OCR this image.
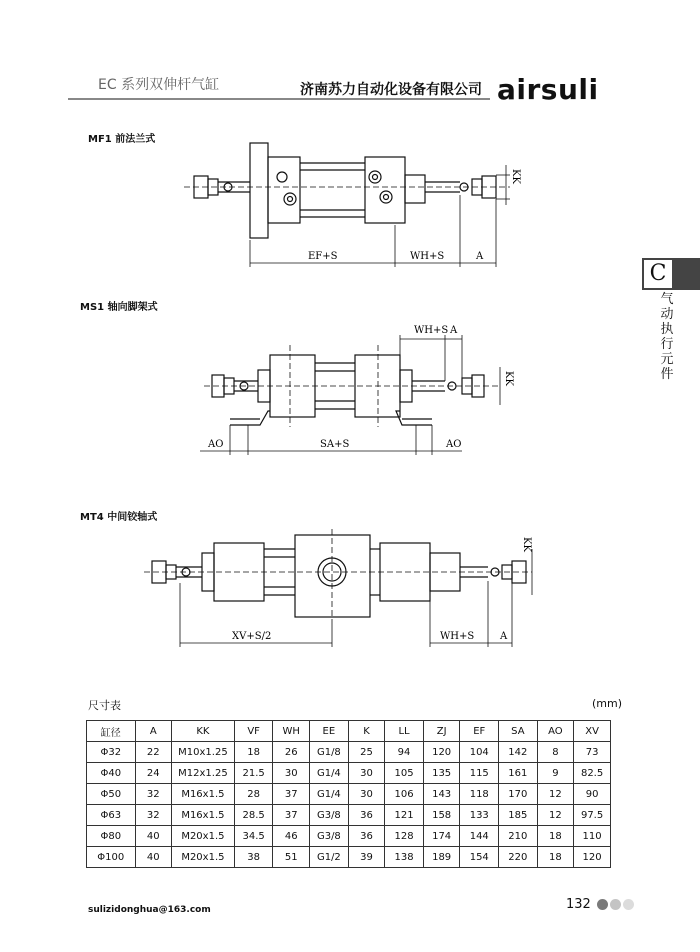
EC 系列双伸杆气缸	济南苏力自动化设备有限公司 airsuli
C
气动执行元件
MF1 前法兰式
MS1 轴向脚架式
MT4 中间铰轴式
EF+S	WH+S	A
KK
WH+S A
KK
AO	SA+S	AO
XV+S/2	WH+S	A
KK
尺寸表	(mm)
缸径	A	KK	VF	WH	EE	K	LL	ZJ	EF	SA	AO	XV
Φ32	22	M10x1.25	18	26	G1/8	25	94	120	104	142	8	73
Φ40	24	M12x1.25	21.5	30	G1/4	30	105	135	115	161	9	82.5
Φ50	32	M16x1.5	28	37	G1/4	30	106	143	118	170	12	90
Φ63	32	M16x1.5	28.5	37	G3/8	36	121	158	133	185	12	97.5
Φ80	40	M20x1.5	34.5	46	G3/8	36	128	174	144	210	18	110
Φ100	40	M20x1.5	38	51	G1/2	39	138	189	154	220	18	120
sulizidonghua@163.com	132
